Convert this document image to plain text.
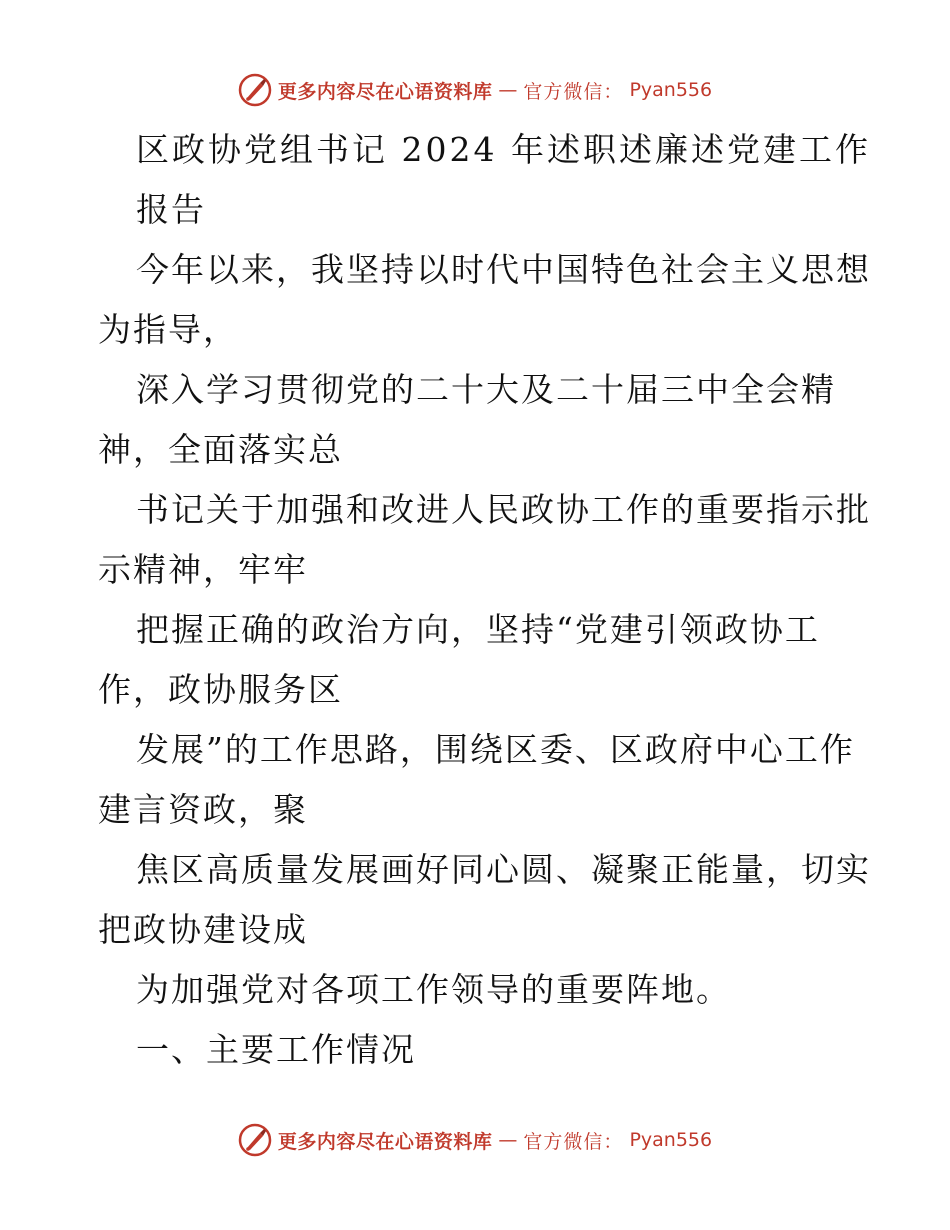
更多内容尽在心语资料库 — 官方微信： Pyan556
区政协党组书记 2024 年述职述廉述党建工作
报告
今年以来，我坚持以时代中国特色社会主义思想
为指导，
深入学习贯彻党的二十大及二十届三中全会精
神，全面落实总
书记关于加强和改进人民政协工作的重要指示批
示精神，牢牢
把握正确的政治方向，坚持“党建引领政协工
作，政协服务区
发展”的工作思路，围绕区委、区政府中心工作
建言资政，聚
焦区高质量发展画好同心圆、凝聚正能量，切实
把政协建设成
为加强党对各项工作领导的重要阵地。
一、主要工作情况
更多内容尽在心语资料库 — 官方微信： Pyan556
